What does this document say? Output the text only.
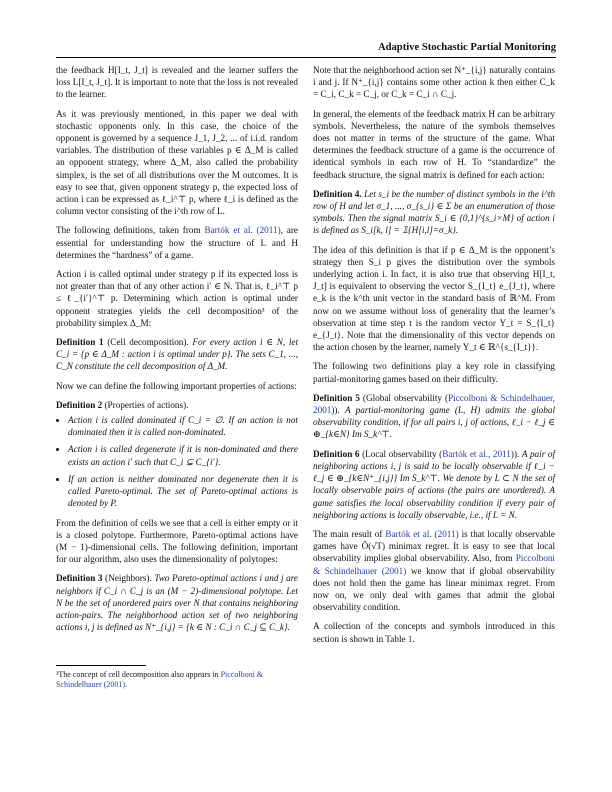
Adaptive Stochastic Partial Monitoring

the feedback H[I_t, J_t] is revealed and the learner suffers the loss L[I_t, J_t]. It is important to note that the loss is not revealed to the learner.

As it was previously mentioned, in this paper we deal with stochastic opponents only. In this case, the choice of the opponent is governed by a sequence J_1, J_2, ... of i.i.d. random variables. The distribution of these variables p ∈ Δ_M is called an opponent strategy, where Δ_M, also called the probability simplex, is the set of all distributions over the M outcomes. It is easy to see that, given opponent strategy p, the expected loss of action i can be expressed as ℓ_i^⊤ p, where ℓ_i is defined as the column vector consisting of the i^th row of L.

The following definitions, taken from Bartók et al. (2011), are essential for understanding how the structure of L and H determines the “hardness” of a game.

Action i is called optimal under strategy p if its expected loss is not greater than that of any other action i′ ∈ N. That is, ℓ_i^⊤ p ≤ ℓ_{i′}^⊤ p. Determining which action is optimal under opponent strategies yields the cell decomposition³ of the probability simplex Δ_M:

Definition 1 (Cell decomposition). For every action i ∈ N, let C_i = {p ∈ Δ_M : action i is optimal under p}. The sets C_1, ..., C_N constitute the cell decomposition of Δ_M.

Now we can define the following important properties of actions:

Definition 2 (Properties of actions).
• Action i is called dominated if C_i = ∅. If an action is not dominated then it is called non-dominated.
• Action i is called degenerate if it is non-dominated and there exists an action i′ such that C_i ⊊ C_{i′}.
• If an action is neither dominated nor degenerate then it is called Pareto-optimal. The set of Pareto-optimal actions is denoted by P.

From the definition of cells we see that a cell is either empty or it is a closed polytope. Furthermore, Pareto-optimal actions have (M − 1)-dimensional cells. The following definition, important for our algorithm, also uses the dimensionality of polytopes:

Definition 3 (Neighbors). Two Pareto-optimal actions i and j are neighbors if C_i ∩ C_j is an (M − 2)-dimensional polytope. Let N be the set of unordered pairs over N that contains neighboring action-pairs. The neighborhood action set of two neighboring actions i, j is defined as N⁺_{i,j} = {k ∈ N : C_i ∩ C_j ⊆ C_k}.
³The concept of cell decomposition also appears in Piccolboni & Schindelhauer (2001).

Note that the neighborhood action set N⁺_{i,j} naturally contains i and j. If N⁺_{i,j} contains some other action k then either C_k = C_i, C_k = C_j, or C_k = C_i ∩ C_j.

In general, the elements of the feedback matrix H can be arbitrary symbols. Nevertheless, the nature of the symbols themselves does not matter in terms of the structure of the game. What determines the feedback structure of a game is the occurrence of identical symbols in each row of H. To “standardize” the feedback structure, the signal matrix is defined for each action:

Definition 4. Let s_i be the number of distinct symbols in the i^th row of H and let σ_1, ..., σ_{s_i} ∈ Σ be an enumeration of those symbols. Then the signal matrix S_i ∈ {0,1}^{s_i×M} of action i is defined as S_i[k, l] = 𝟙{H[i,l]=σ_k}.

The idea of this definition is that if p ∈ Δ_M is the opponent’s strategy then S_i p gives the distribution over the symbols underlying action i. In fact, it is also true that observing H[I_t, J_t] is equivalent to observing the vector S_{I_t} e_{J_t}, where e_k is the k^th unit vector in the standard basis of ℝ^M. From now on we assume without loss of generality that the learner’s observation at time step t is the random vector Y_t = S_{I_t} e_{J_t}. Note that the dimensionality of this vector depends on the action chosen by the learner, namely Y_t ∈ ℝ^{s_{I_t}}.

The following two definitions play a key role in classifying partial-monitoring games based on their difficulty.

Definition 5 (Global observability (Piccolboni & Schindelhauer, 2001)). A partial-monitoring game (L, H) admits the global observability condition, if for all pairs i, j of actions, ℓ_i − ℓ_j ∈ ⊕_{k∈N} Im S_k^⊤.
Definition 6 (Local observability (Bartók et al., 2011)). A pair of neighboring actions i, j is said to be locally observable if ℓ_i − ℓ_j ∈ ⊕_{k∈N⁺_{i,j}} Im S_k^⊤. We denote by L ⊂ N the set of locally observable pairs of actions (the pairs are unordered). A game satisfies the local observability condition if every pair of neighboring actions is locally observable, i.e., if L = N.

The main result of Bartók et al. (2011) is that locally observable games have Õ(√T) minimax regret. It is easy to see that local observability implies global observability. Also, from Piccolboni & Schindelhauer (2001) we know that if global observability does not hold then the game has linear minimax regret. From now on, we only deal with games that admit the global observability condition.

A collection of the concepts and symbols introduced in this section is shown in Table 1.
